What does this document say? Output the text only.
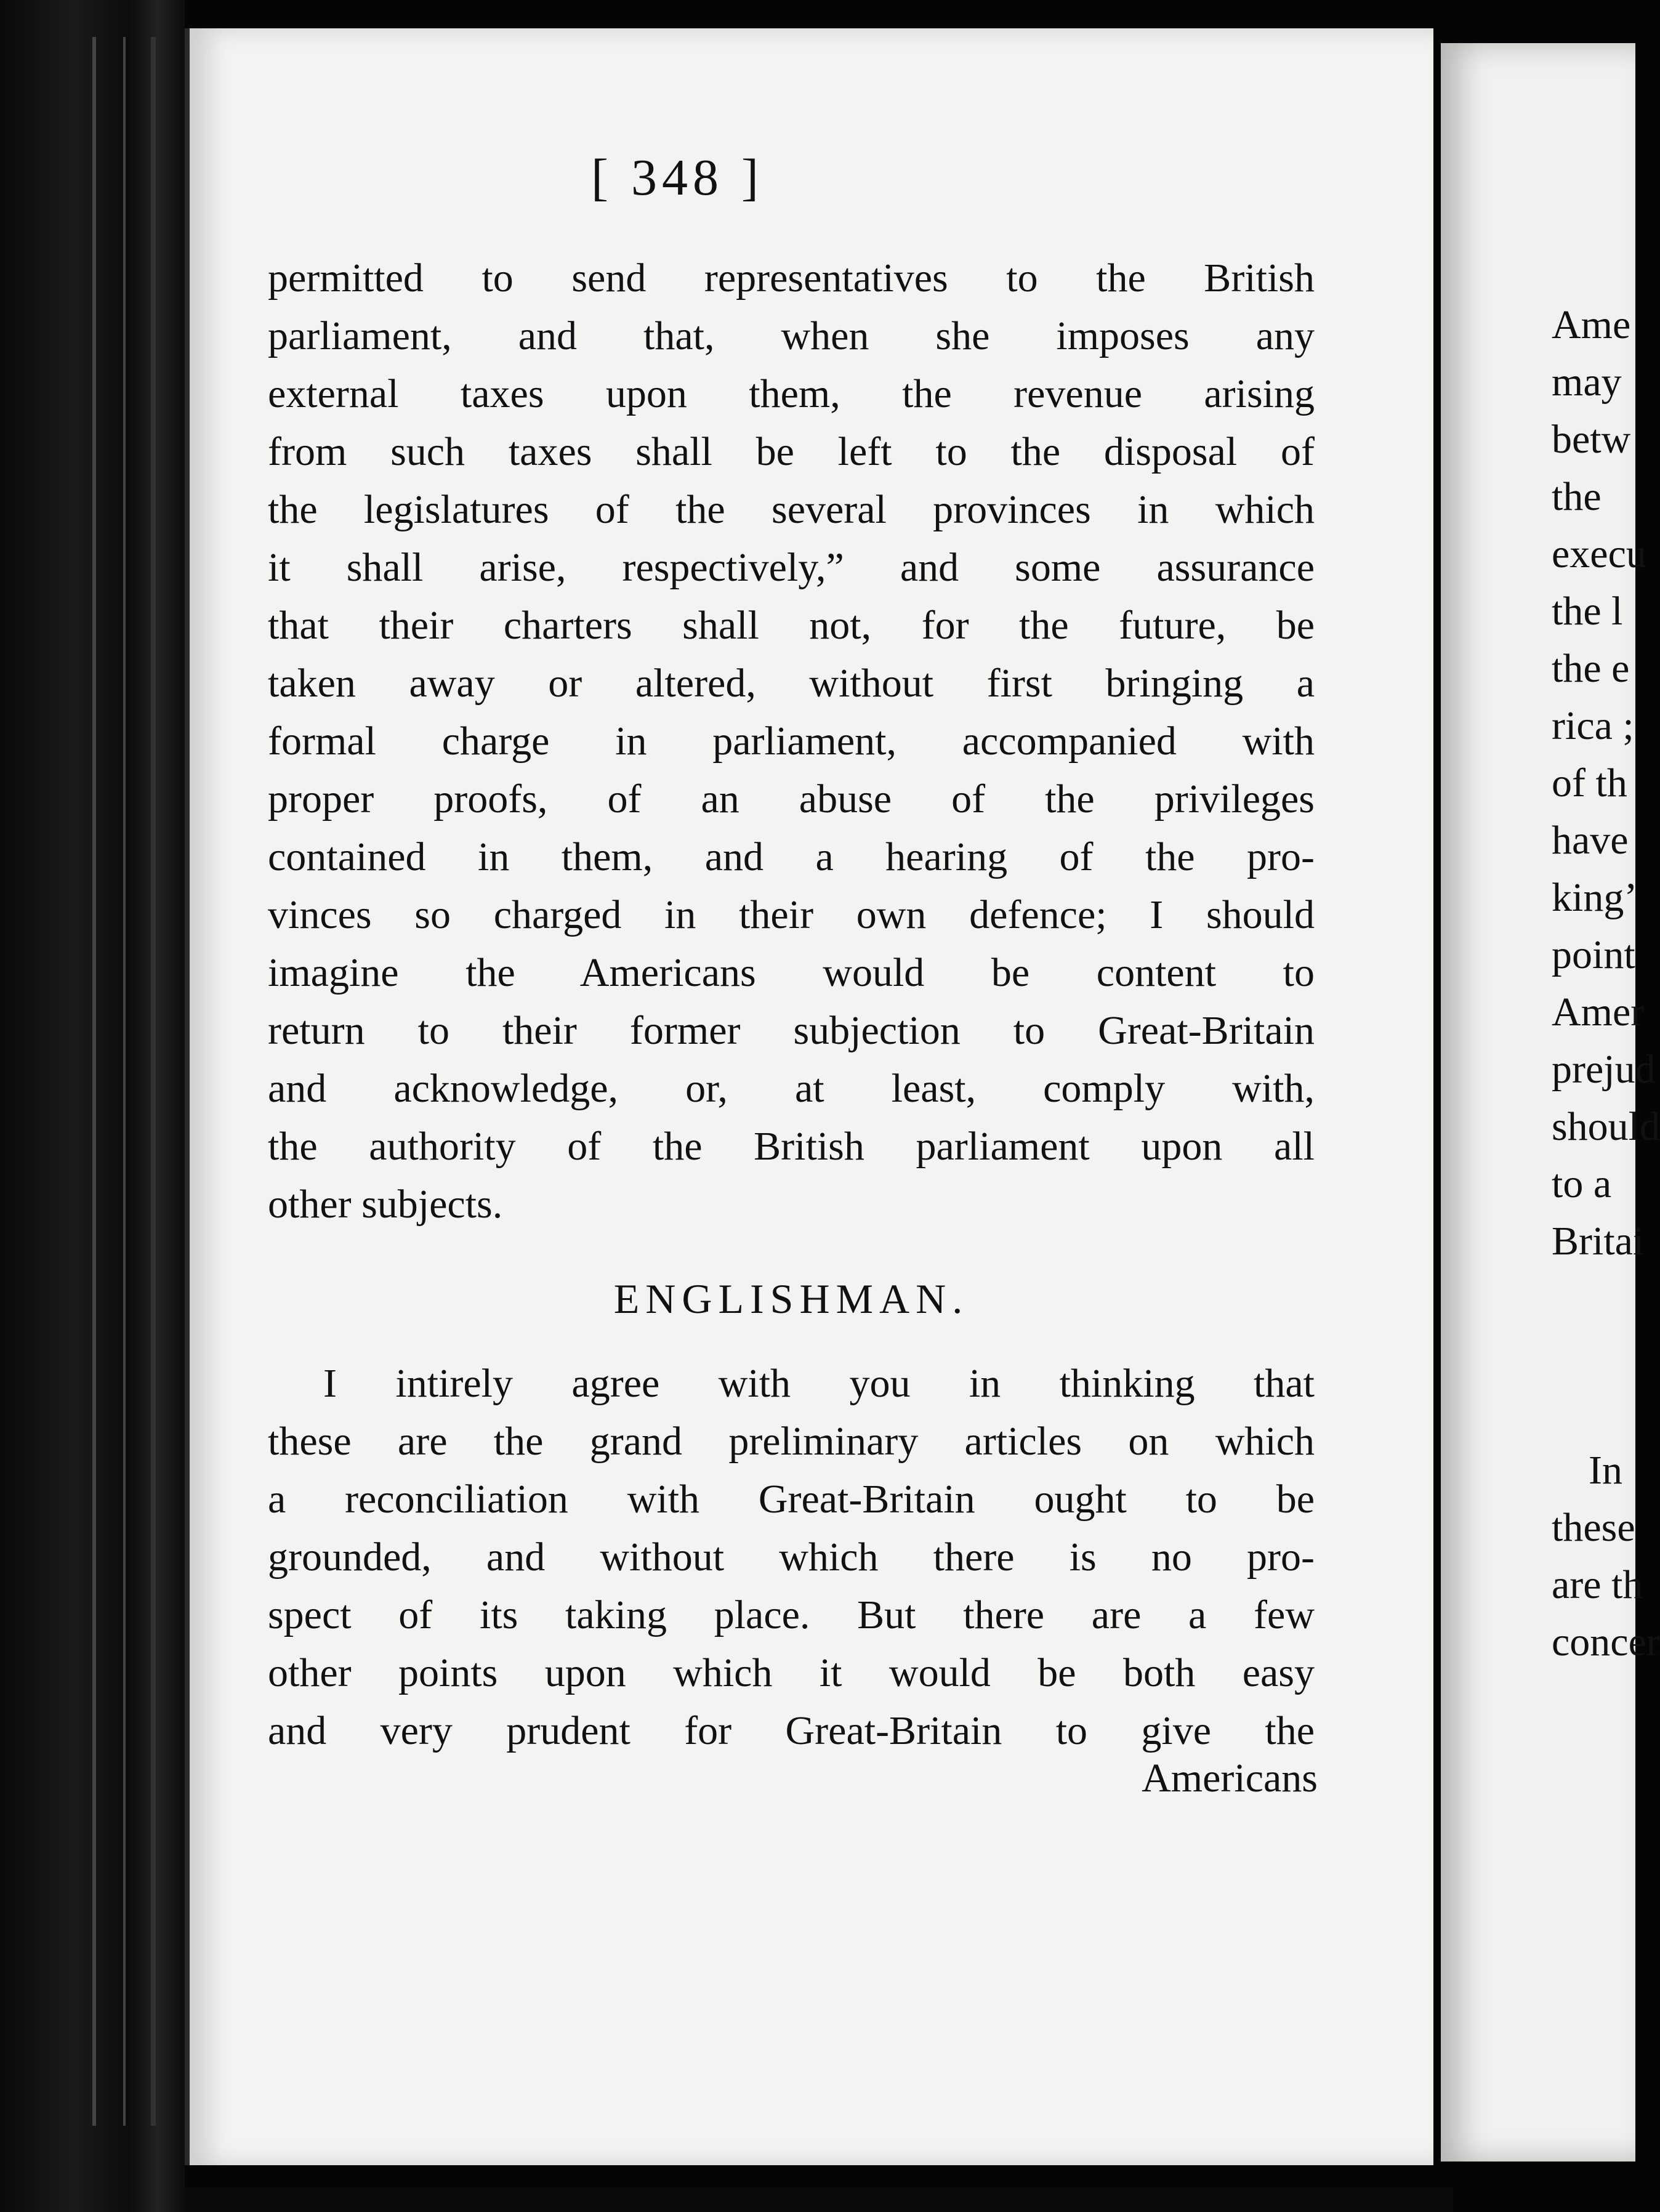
[ 348 ]
permitted to send representatives to the British
parliament, and that, when she imposes any
external taxes upon them, the revenue arising
from such taxes shall be left to the disposal of
the legislatures of the several provinces in which
it shall arise, respectively,” and some assurance
that their charters shall not, for the future, be
taken away or altered, without first bringing a
formal charge in parliament, accompanied with
proper proofs, of an abuse of the privileges
contained in them, and a hearing of the pro-
vinces so charged in their own defence; I should
imagine the Americans would be content to
return to their former subjection to Great-Britain
and acknowledge, or, at least, comply with,
the authority of the British parliament upon all
other subjects.
ENGLISHMAN.
I intirely agree with you in thinking that
these are the grand preliminary articles on which
a reconciliation with Great-Britain ought to be
grounded, and without which there is no pro-
spect of its taking place. But there are a few
other points upon which it would be both easy
and very prudent for Great-Britain to give the
Americans
Ame
may
betw
the
execu
the l
the e
rica ;
of th
have
king’
point
Amer
prejud
should
to a
Britai
In
these
are th
concer
